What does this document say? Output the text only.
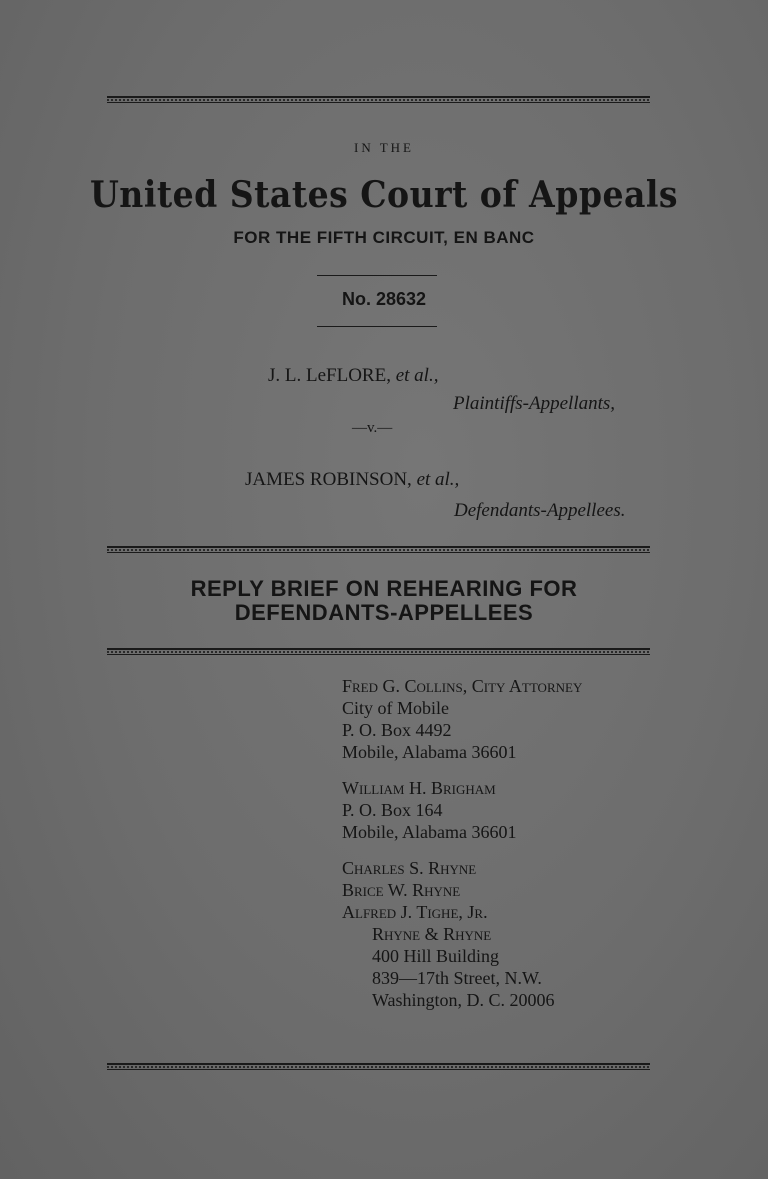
IN THE
United States Court of Appeals
FOR THE FIFTH CIRCUIT, EN BANC
No. 28632
J. L. LeFLORE, et al.,
Plaintiffs-Appellants,
—v.—
JAMES ROBINSON, et al.,
Defendants-Appellees.
REPLY BRIEF ON REHEARING FOR
DEFENDANTS-APPELLEES
Fred G. Collins, City Attorney
City of Mobile
P. O. Box 4492
Mobile, Alabama 36601
William H. Brigham
P. O. Box 164
Mobile, Alabama 36601
Charles S. Rhyne
Brice W. Rhyne
Alfred J. Tighe, Jr.
Rhyne & Rhyne
400 Hill Building
839—17th Street, N.W.
Washington, D. C. 20006
